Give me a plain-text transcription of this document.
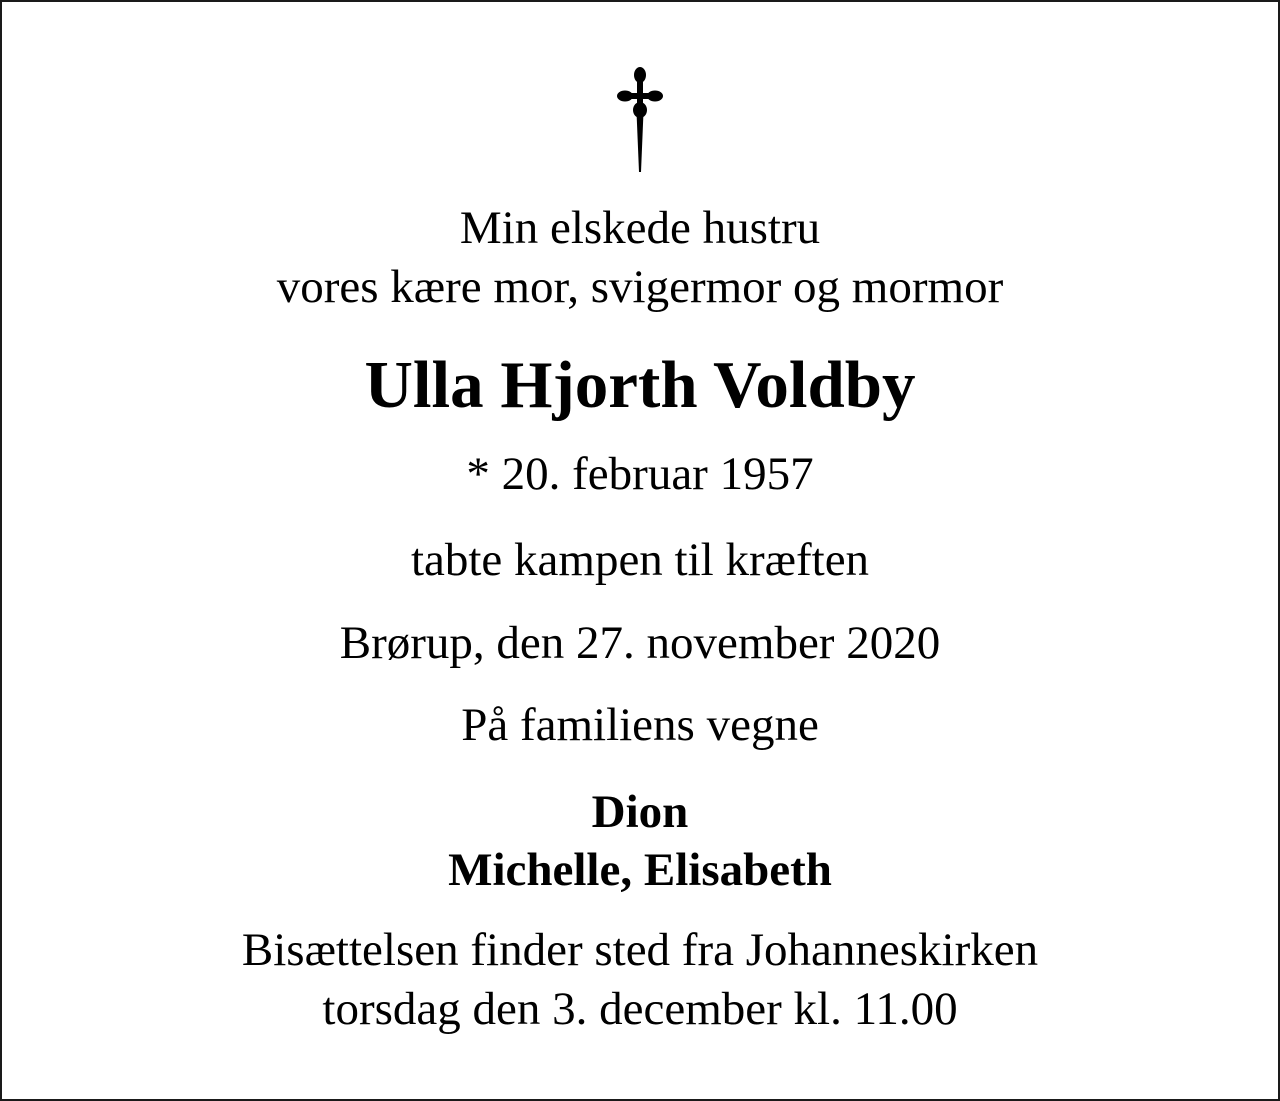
Min elskede hustru
vores kære mor, svigermor og mormor
Ulla Hjorth Voldby
* 20. februar 1957
tabte kampen til kræften
Brørup, den 27. november 2020
På familiens vegne
Dion
Michelle, Elisabeth
Bisættelsen finder sted fra Johanneskirken
torsdag den 3. december kl. 11.00
